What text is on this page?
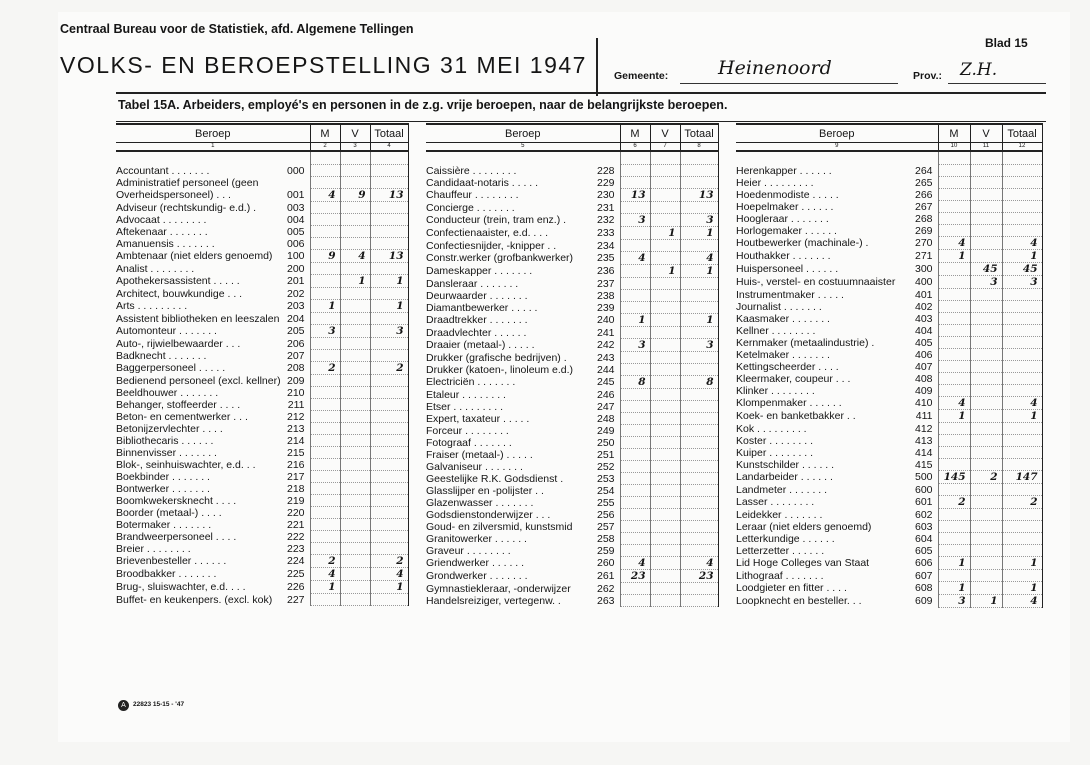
Centraal Bureau voor de Statistiek, afd. Algemene Tellingen
VOLKS- EN BEROEPSTELLING 31 MEI 1947
Blad 15
Gemeente:	Heinenoord	Prov.: Z.H.
Tabel 15A. Arbeiders, employé's en personen in de z.g. vrije beroepen, naar de belangrijkste beroepen.
Beroep		M	V	Totaal
1		2	3	4

Accountant . . . . . . .	000			
Administratief personeel (geen				
Overheidspersoneel) . . .	001	4	9	13
Adviseur (rechtskundig- e.d.) .	003			
Advocaat . . . . . . . .	004			
Aftekenaar . . . . . . .	005			
Amanuensis . . . . . . .	006			
Ambtenaar (niet elders genoemd)	100	9	4	13
Analist . . . . . . . .	200			
Apothekersassistent . . . . .	201		1	1
Architect, bouwkundige . . .	202			
Arts . . . . . . . . .	203	1		1
Assistent bibliotheken en leeszalen	204			
Automonteur . . . . . . .	205	3		3
Auto-, rijwielbewaarder . . .	206			
Badknecht . . . . . . .	207			
Baggerpersoneel . . . . .	208	2		2
Bedienend personeel (excl. kellner)	209			
Beeldhouwer . . . . . . .	210			
Behanger, stoffeerder . . . .	211			
Beton- en cementwerker . . .	212			
Betonijzervlechter . . . .	213			
Bibliothecaris . . . . . .	214			
Binnenvisser . . . . . . .	215			
Blok-, seinhuiswachter, e.d. . .	216			
Boekbinder . . . . . . .	217			
Bontwerker . . . . . . .	218			
Boomkwekersknecht . . . .	219			
Boorder (metaal-) . . . .	220			
Botermaker . . . . . . .	221			
Brandweerpersoneel . . . .	222			
Breier . . . . . . . .	223			
Brievenbesteller . . . . . .	224	2		2
Broodbakker . . . . . . .	225	4		4
Brug-, sluiswachter, e.d. . . .	226	1		1
Buffet- en keukenpers. (excl. kok)	227			
Beroep		M	V	Totaal
5		6	7	8

Caissière . . . . . . . .	228			
Candidaat-notaris . . . . .	229			
Chauffeur . . . . . . . .	230	13		13
Concierge . . . . . . .	231			
Conducteur (trein, tram enz.) .	232	3		3
Confectienaaister, e.d. . . .	233		1	1
Confectiesnijder, -knipper . .	234			
Constr.werker (grofbankwerker)	235	4		4
Dameskapper . . . . . . .	236		1	1
Dansleraar . . . . . . .	237			
Deurwaarder . . . . . . .	238			
Diamantbewerker . . . . .	239			
Draadtrekker . . . . . . .	240	1		1
Draadvlechter . . . . . .	241			
Draaier (metaal-) . . . . .	242	3		3
Drukker (grafische bedrijven) .	243			
Drukker (katoen-, linoleum e.d.)	244			
Electriciën . . . . . . .	245	8		8
Etaleur . . . . . . . .	246			
Etser . . . . . . . . .	247			
Expert, taxateur . . . . .	248			
Forceur . . . . . . . .	249			
Fotograaf . . . . . . .	250			
Fraiser (metaal-) . . . . .	251			
Galvaniseur . . . . . . .	252			
Geestelijke R.K. Godsdienst .	253			
Glasslijper en -polijster . .	254			
Glazenwasser . . . . . . .	255			
Godsdienstonderwijzer . . .	256			
Goud- en zilversmid, kunstsmid	257			
Granitowerker . . . . . .	258			
Graveur . . . . . . . .	259			
Griendwerker . . . . . .	260	4		4
Grondwerker . . . . . . .	261	23		23
Gymnastiekleraar, -onderwijzer	262			
Handelsreiziger, vertegenw. .	263			
Beroep		M	V	Totaal
9		10	11	12

Herenkapper . . . . . .	264			
Heier . . . . . . . . .	265			
Hoedenmodiste . . . . .	266			
Hoepelmaker . . . . . .	267			
Hoogleraar . . . . . . .	268			
Horlogemaker . . . . . .	269			
Houtbewerker (machinale-) .	270	4		4
Houthakker . . . . . . .	271	1		1
Huispersoneel . . . . . .	300		45	45
Huis-, verstel- en costuumnaaister	400		3	3
Instrumentmaker . . . . .	401			
Journalist . . . . . . .	402			
Kaasmaker . . . . . . .	403			
Kellner . . . . . . . .	404			
Kernmaker (metaalindustrie) .	405			
Ketelmaker . . . . . . .	406			
Kettingscheerder . . . .	407			
Kleermaker, coupeur . . .	408			
Klinker . . . . . . . .	409			
Klompenmaker . . . . . .	410	4		4
Koek- en banketbakker . .	411	1		1
Kok . . . . . . . . .	412			
Koster . . . . . . . .	413			
Kuiper . . . . . . . .	414			
Kunstschilder . . . . . .	415			
Landarbeider . . . . . .	500	145	2	147
Landmeter . . . . . . .	600			
Lasser . . . . . . . .	601	2		2
Leidekker . . . . . . .	602			
Leraar (niet elders genoemd)	603			
Letterkundige . . . . . .	604			
Letterzetter . . . . . .	605			
Lid Hoge Colleges van Staat	606	1		1
Lithograaf . . . . . . .	607			
Loodgieter en fitter . . . .	608	1		1
Loopknecht en besteller. . .	609	3	1	4
A	22823 15-15 - '47
